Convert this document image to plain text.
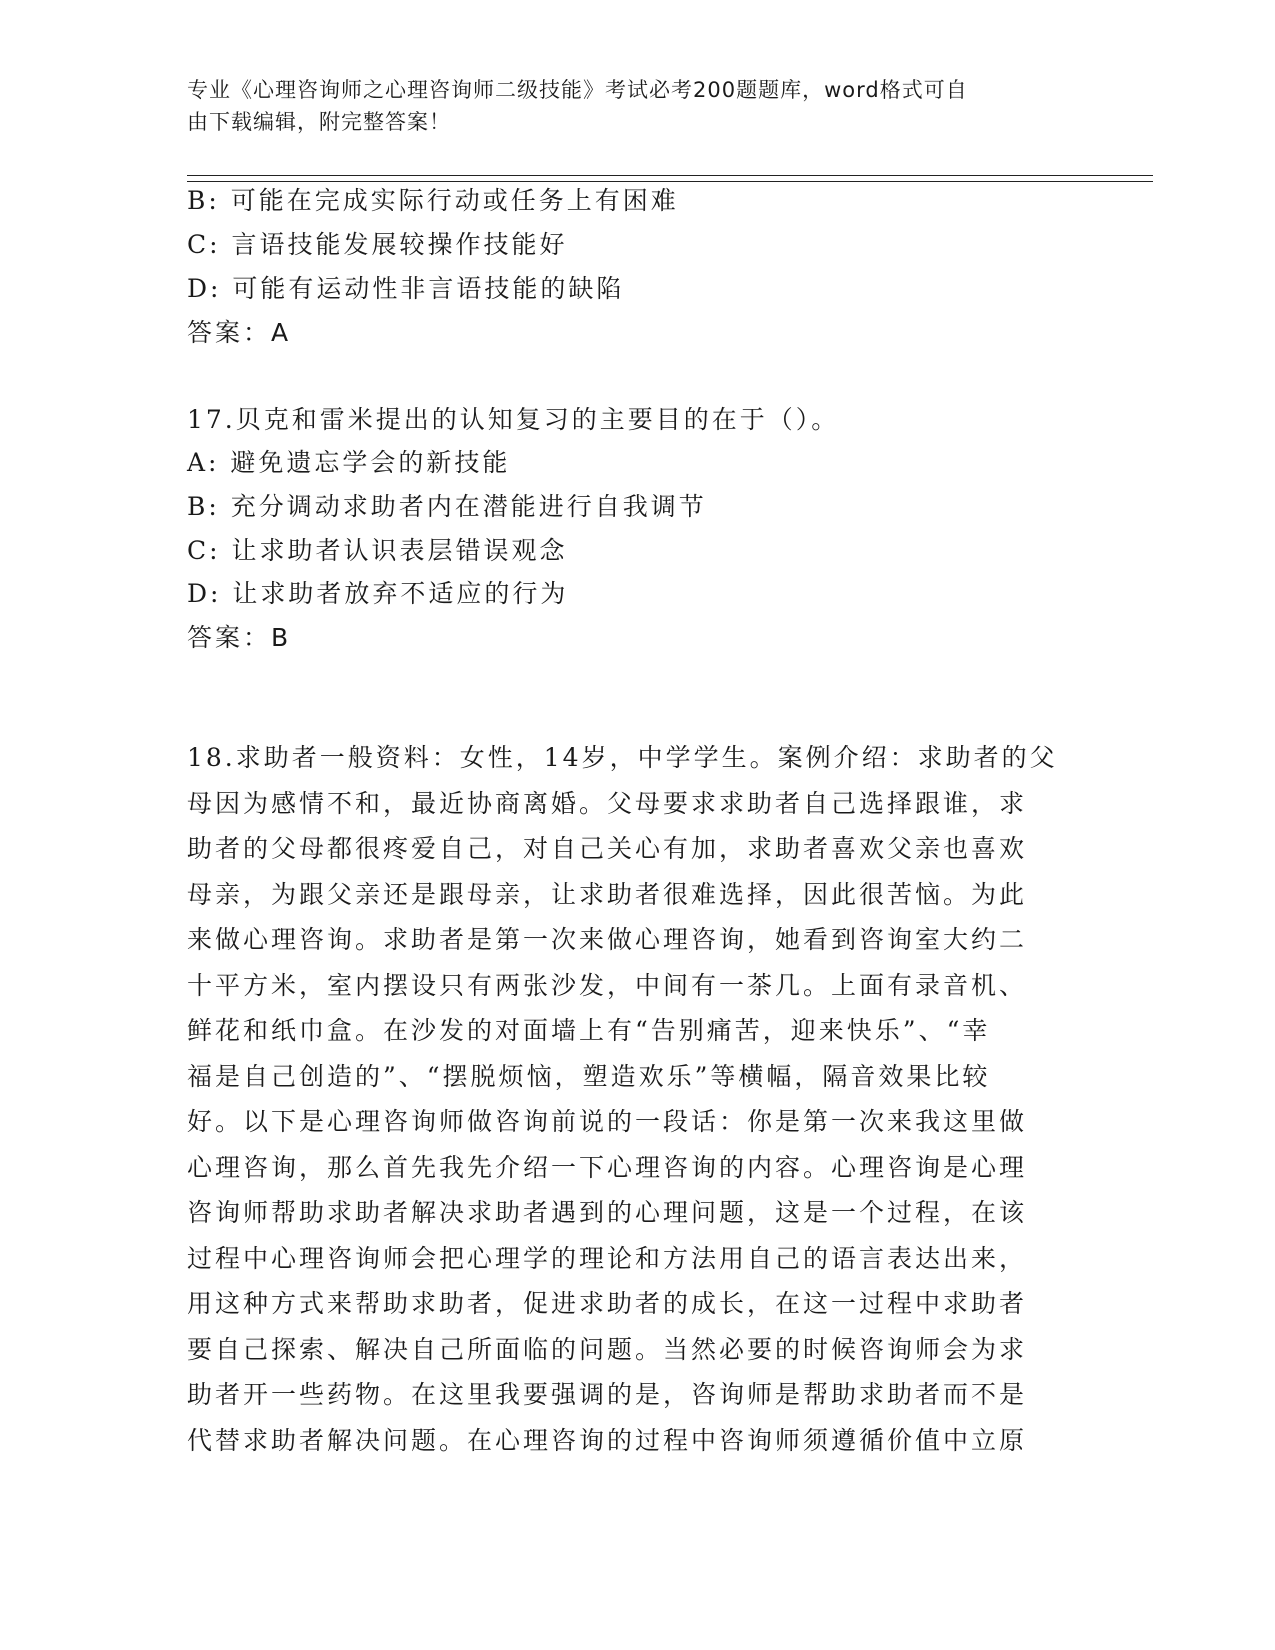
专业《心理咨询师之心理咨询师二级技能》考试必考200题题库，word格式可自
由下载编辑，附完整答案！
B: 可能在完成实际行动或任务上有困难
C: 言语技能发展较操作技能好
D: 可能有运动性非言语技能的缺陷
答案：A
17.贝克和雷米提出的认知复习的主要目的在于（）。
A: 避免遗忘学会的新技能
B: 充分调动求助者内在潜能进行自我调节
C: 让求助者认识表层错误观念
D: 让求助者放弃不适应的行为
答案：B
18.求助者一般资料：女性，14岁，中学学生。案例介绍：求助者的父
母因为感情不和，最近协商离婚。父母要求求助者自己选择跟谁，求
助者的父母都很疼爱自己，对自己关心有加，求助者喜欢父亲也喜欢
母亲，为跟父亲还是跟母亲，让求助者很难选择，因此很苦恼。为此
来做心理咨询。求助者是第一次来做心理咨询，她看到咨询室大约二
十平方米，室内摆设只有两张沙发，中间有一茶几。上面有录音机、
鲜花和纸巾盒。在沙发的对面墙上有“告别痛苦，迎来快乐”、“幸
福是自己创造的”、“摆脱烦恼，塑造欢乐”等横幅，隔音效果比较
好。以下是心理咨询师做咨询前说的一段话：你是第一次来我这里做
心理咨询，那么首先我先介绍一下心理咨询的内容。心理咨询是心理
咨询师帮助求助者解决求助者遇到的心理问题，这是一个过程，在该
过程中心理咨询师会把心理学的理论和方法用自己的语言表达出来，
用这种方式来帮助求助者，促进求助者的成长，在这一过程中求助者
要自己探索、解决自己所面临的问题。当然必要的时候咨询师会为求
助者开一些药物。在这里我要强调的是，咨询师是帮助求助者而不是
代替求助者解决问题。在心理咨询的过程中咨询师须遵循价值中立原
